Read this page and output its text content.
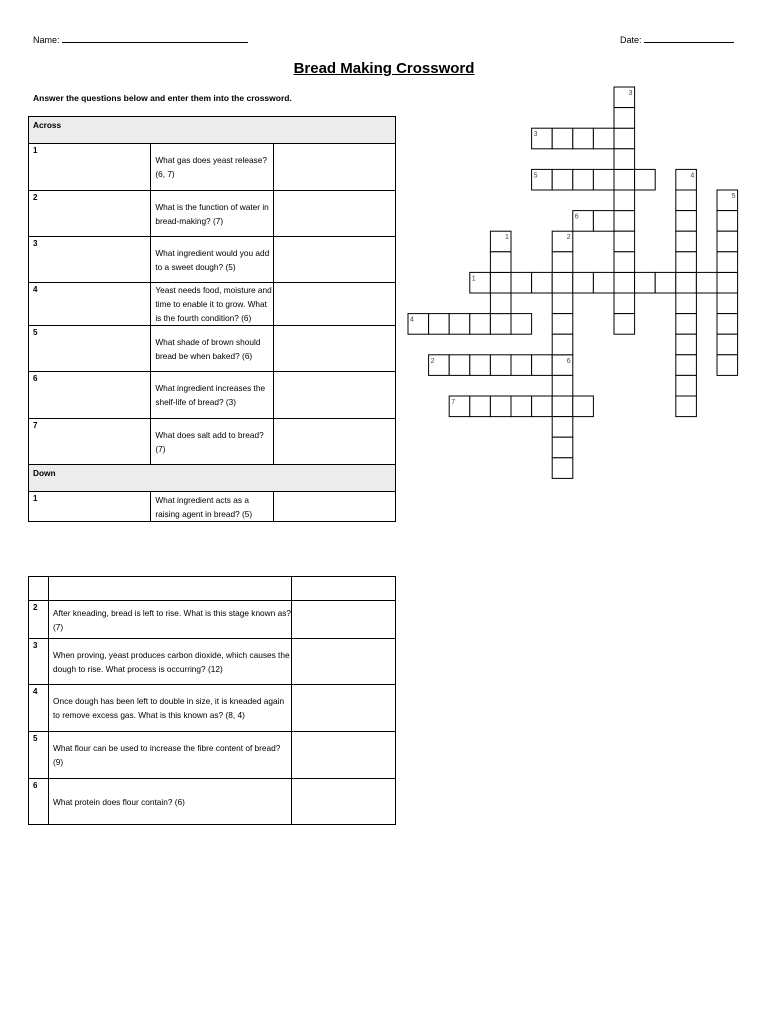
Name:	Date:
Bread Making Crossword
Answer the questions below and enter them into the crossword.
Across		
1	What gas does yeast release? (6, 7)	
2	What is the function of water in bread-making? (7)	
3	What ingredient would you add to a sweet dough? (5)	
4	Yeast needs food, moisture and time to enable it to grow. What is the fourth condition? (6)	
5	What shade of brown should bread be when baked? (6)	
6	What ingredient increases the shelf-life of bread? (3)	
7	What does salt add to bread? (7)	
Down		
1	What ingredient acts as a raising agent in bread? (5)	

2	After kneading, bread is left to rise. What is this stage known as? (7)	
3	When proving, yeast produces carbon dioxide, which causes the dough to rise. What process is occurring? (12)	
4	Once dough has been left to double in size, it is kneaded again to remove excess gas. What is this known as? (8, 4)	
5	What flour can be used to increase the fibre content of bread? (9)	
6	What protein does flour contain? (6)	
1
2
3
4
5
6
7
1	2
3
4
5
6
